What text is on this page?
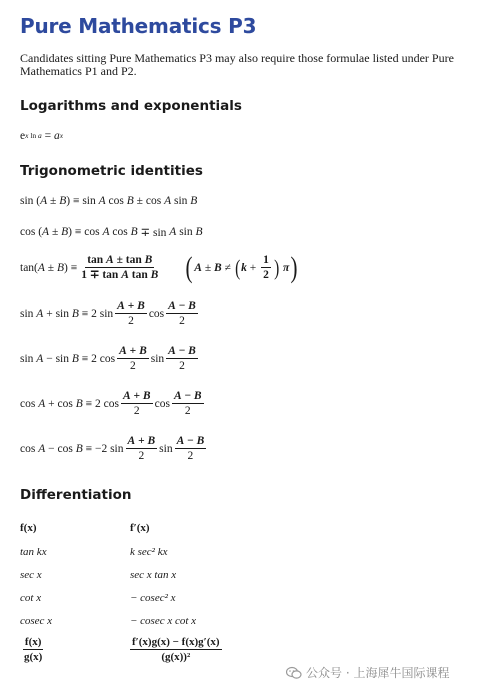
Pure Mathematics P3
Candidates sitting Pure Mathematics P3 may also require those formulae listed under Pure Mathematics P1 and P2.
Logarithms and exponentials
e x ln a = a x
Trigonometric identities
sin ( A ± B ) ≡ sin A cos B ± cos A sin B
cos ( A ± B ) ≡ cos A cos B ∓ sin A sin B
tan( A ± B ) ≡ $\frac{\text{tan A ± tan B}}{\text{1 ∓ tan A tan B}}$ ( A ± B ≠ ( $k + \frac{1}{2}$ )
π )
sin A + sin B ≡ 2 $\sin \frac{A + B}{2}$ $\cos \frac{A - B}{2}$
sin A − sin B ≡ 2 $\cos \frac{A + B}{2}$ $\sin \frac{A - B}{2}$
cos A + cos B ≡ 2 $\cos \frac{A + B}{2}$ $\cos \frac{A - B}{2}$
cos A − cos B ≡ −2 $\sin \frac{A + B}{2}$ $\sin \frac{A - B}{2}$
Differentiation
f(x)	f′(x)
tan kx	k sec² kx
sec x	sec x tan x
cot x	− cosec² x
cosec x	− cosec x cot x
$\frac{f(x)}{g(x)}$	$\frac{f'(x)g(x) - f(x)g'(x)}{\text{(g(x))²}}$
公众号 · 上海犀牛国际课程
